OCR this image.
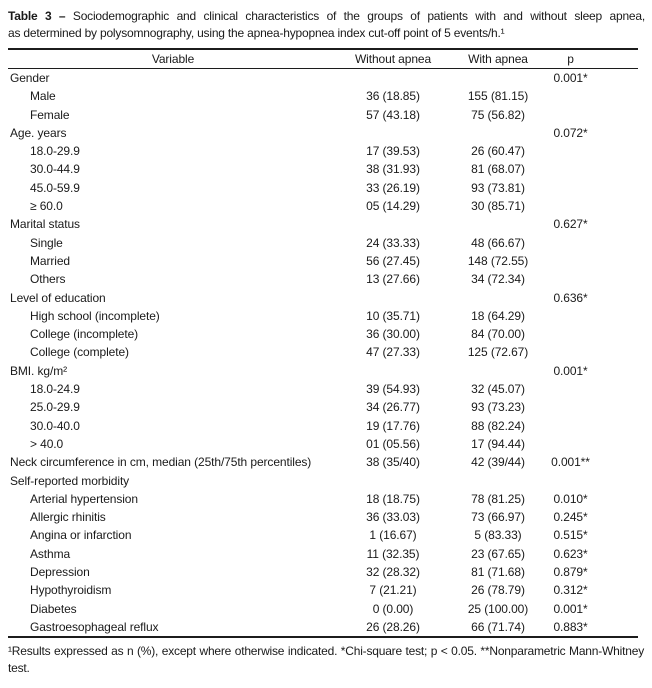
Table 3 – Sociodemographic and clinical characteristics of the groups of patients with and without sleep apnea,
as determined by polysomnography, using the apnea-hypopnea index cut-off point of 5 events/h.¹
Variable	Without apnea	With apnea	p	
Gender			0.001*	
Male	36 (18.85)	155 (81.15)		
Female	57 (43.18)	75 (56.82)		
Age. years			0.072*	
18.0-29.9	17 (39.53)	26 (60.47)		
30.0-44.9	38 (31.93)	81 (68.07)		
45.0-59.9	33 (26.19)	93 (73.81)		
≥ 60.0	05 (14.29)	30 (85.71)		
Marital status			0.627*	
Single	24 (33.33)	48 (66.67)		
Married	56 (27.45)	148 (72.55)		
Others	13 (27.66)	34 (72.34)		
Level of education			0.636*	
High school (incomplete)	10 (35.71)	18 (64.29)		
College (incomplete)	36 (30.00)	84 (70.00)		
College (complete)	47 (27.33)	125 (72.67)		
BMI. kg/m²			0.001*	
18.0-24.9	39 (54.93)	32 (45.07)		
25.0-29.9	34 (26.77)	93 (73.23)		
30.0-40.0	19 (17.76)	88 (82.24)		
> 40.0	01 (05.56)	17 (94.44)		
Neck circumference in cm, median (25th/75th percentiles)	38 (35/40)	42 (39/44)	0.001**	
Self-reported morbidity				
Arterial hypertension	18 (18.75)	78 (81.25)	0.010*	
Allergic rhinitis	36 (33.03)	73 (66.97)	0.245*	
Angina or infarction	1 (16.67)	5 (83.33)	0.515*	
Asthma	11 (32.35)	23 (67.65)	0.623*	
Depression	32 (28.32)	81 (71.68)	0.879*	
Hypothyroidism	7 (21.21)	26 (78.79)	0.312*	
Diabetes	0 (0.00)	25 (100.00)	0.001*	
Gastroesophageal reflux	26 (28.26)	66 (71.74)	0.883*	
¹Results expressed as n (%), except where otherwise indicated. *Chi-square test; p < 0.05. **Nonparametric Mann-Whitney test.
